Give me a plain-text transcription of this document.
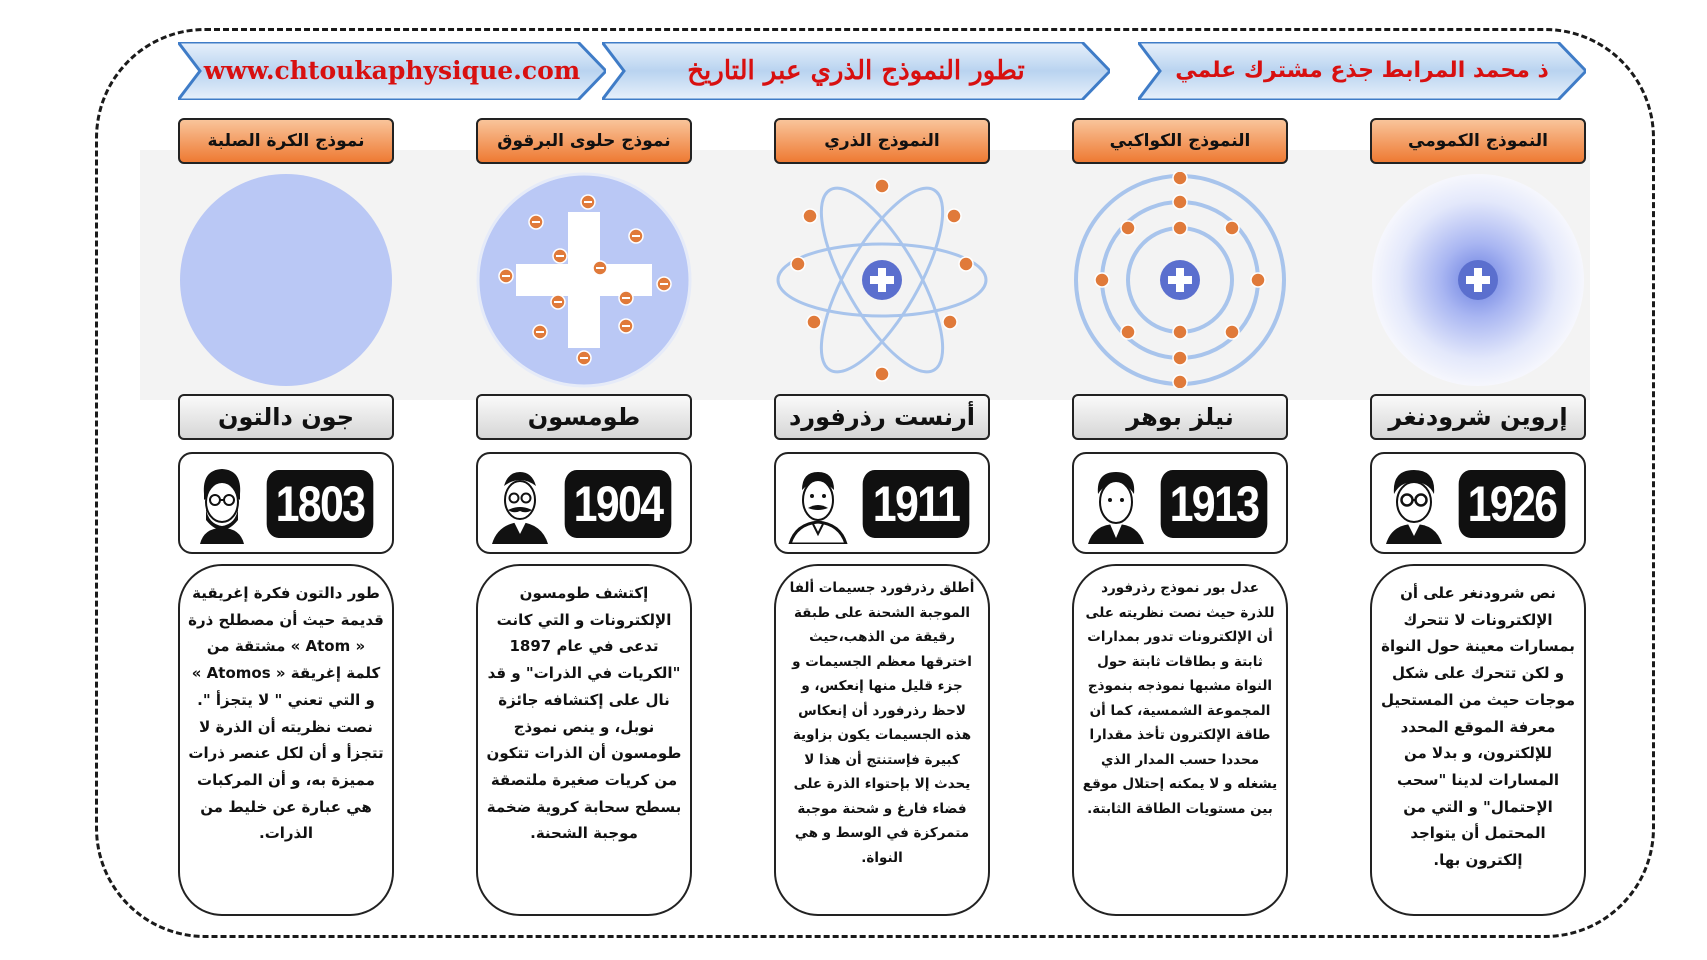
www.chtoukaphysique.com	تطور النموذج الذري عبر التاريخ	ذ محمد المرابط جذع مشترك علمي
نموذج الكرة الصلبة
جون دالتون
1803
طور دالتون فكرة إغريقية قديمة حيث أن مصطلح ذرة « Atom » مشتقة من كلمة إغريقة « Atomos » و التي تعني " لا يتجزأ ". نصت نظريته أن الذرة لا تتجزأ و أن لكل عنصر ذرات مميزة به، و أن المركبات هي عبارة عن خليط من الذرات.
نموذج حلوى البرقوق
طومسون
1904
إكتشف طومسون الإلكترونات و التي كانت تدعى في عام 1897 "الكريات في الذرات" و قد نال على إكتشافه جائزة نوبل، و ينص نموذج طومسون أن الذرات تتكون من كريات صغيرة ملتصقة بسطح سحابة كروية ضخمة موجبة الشحنة.
النموذج الذري
أرنست رذرفورد
1911
أطلق رذرفورد جسيمات ألفا الموجبة الشحنة على طبقة رقيقة من الذهب،حيث اخترقها معظم الجسيمات و جزء قليل منها إنعكس، و لاحظ رذرفورد أن إنعكاس هذه الجسيمات يكون بزاوية كبيرة فإستنتج أن هذا لا يحدث إلا بإحتواء الذرة على فضاء فارغ و شحنة موجبة متمركزة في الوسط و هي النواة.
النموذج الكواكبي
نيلز بوهر
1913
عدل بور نموذج رذرفورد للذرة حيث نصت نظريته على أن الإلكترونات تدور بمدارات ثابتة و بطاقات ثابتة حول النواة مشبها نموذجه بنموذج المجموعة الشمسية، كما أن طاقة الإلكترون تأخذ مقدارا محددا حسب المدار الذي يشغله و لا يمكنه إحتلال موقع بين مستويات الطاقة الثابتة.
النموذج الكمومي
إروين شرودنغر
1926
نص شرودنغر على أن الإلكترونات لا تتحرك بمسارات معينة حول النواة و لكن تتحرك على شكل موجات حيث من المستحيل معرفة الموقع المحدد للإلكترون، و بدلا من المسارات لدينا "سحب الإحتمال" و التي من المحتمل أن يتواجد إلكترون بها.
